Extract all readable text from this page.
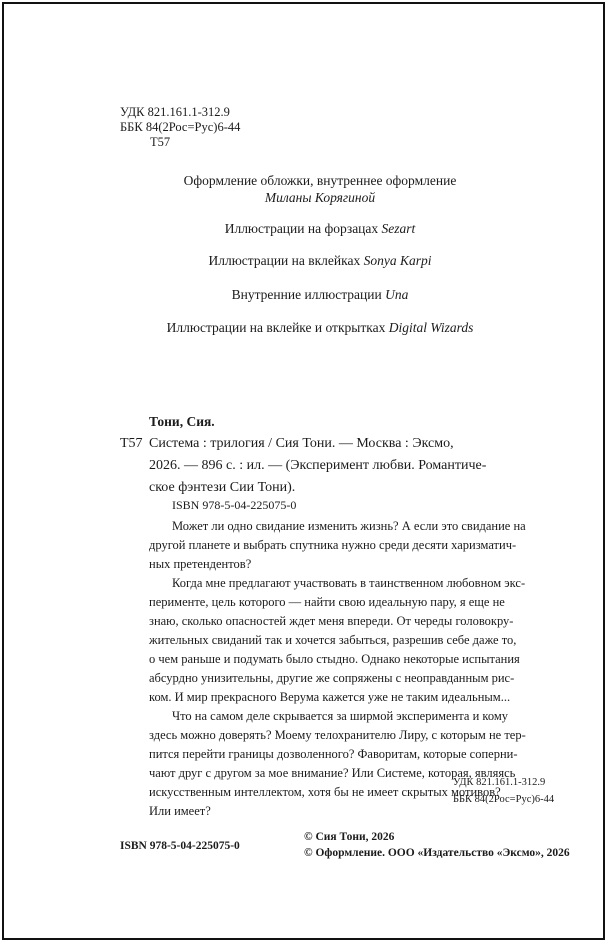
УДК 821.161.1-312.9
ББК 84(2Рос=Рус)6-44
Т57
Оформление обложки, внутреннее оформление
Миланы Корягиной
Иллюстрации на форзацах Sezart
Иллюстрации на вклейках Sonya Karpi
Внутренние иллюстрации Una
Иллюстрации на вклейке и открытках Digital Wizards
Тони, Сия.
Т57 Система : трилогия / Сия Тони. — Москва : Эксмо,
2026. — 896 с. : ил. — (Эксперимент любви. Романтиче-
ское фэнтези Сии Тони).
ISBN 978-5-04-225075-0
Может ли одно свидание изменить жизнь? А если это свидание на
другой планете и выбрать спутника нужно среди десяти харизматич-
ных претендентов?
Когда мне предлагают участвовать в таинственном любовном экс-
перименте, цель которого — найти свою идеальную пару, я еще не
знаю, сколько опасностей ждет меня впереди. От череды головокру-
жительных свиданий так и хочется забыться, разрешив себе даже то,
о чем раньше и подумать было стыдно. Однако некоторые испытания
абсурдно унизительны, другие же сопряжены с неоправданным рис-
ком. И мир прекрасного Верума кажется уже не таким идеальным...
Что на самом деле скрывается за ширмой эксперимента и кому
здесь можно доверять? Моему телохранителю Лиру, с которым не тер-
пится перейти границы дозволенного? Фаворитам, которые соперни-
чают друг с другом за мое внимание? Или Системе, которая, являясь
искусственным интеллектом, хотя бы не имеет скрытых мотивов?
Или имеет?
УДК 821.161.1-312.9
ББК 84(2Рос=Рус)6-44
ISBN 978-5-04-225075-0
© Сия Тони, 2026
© Оформление. ООО «Издательство «Эксмо», 2026
